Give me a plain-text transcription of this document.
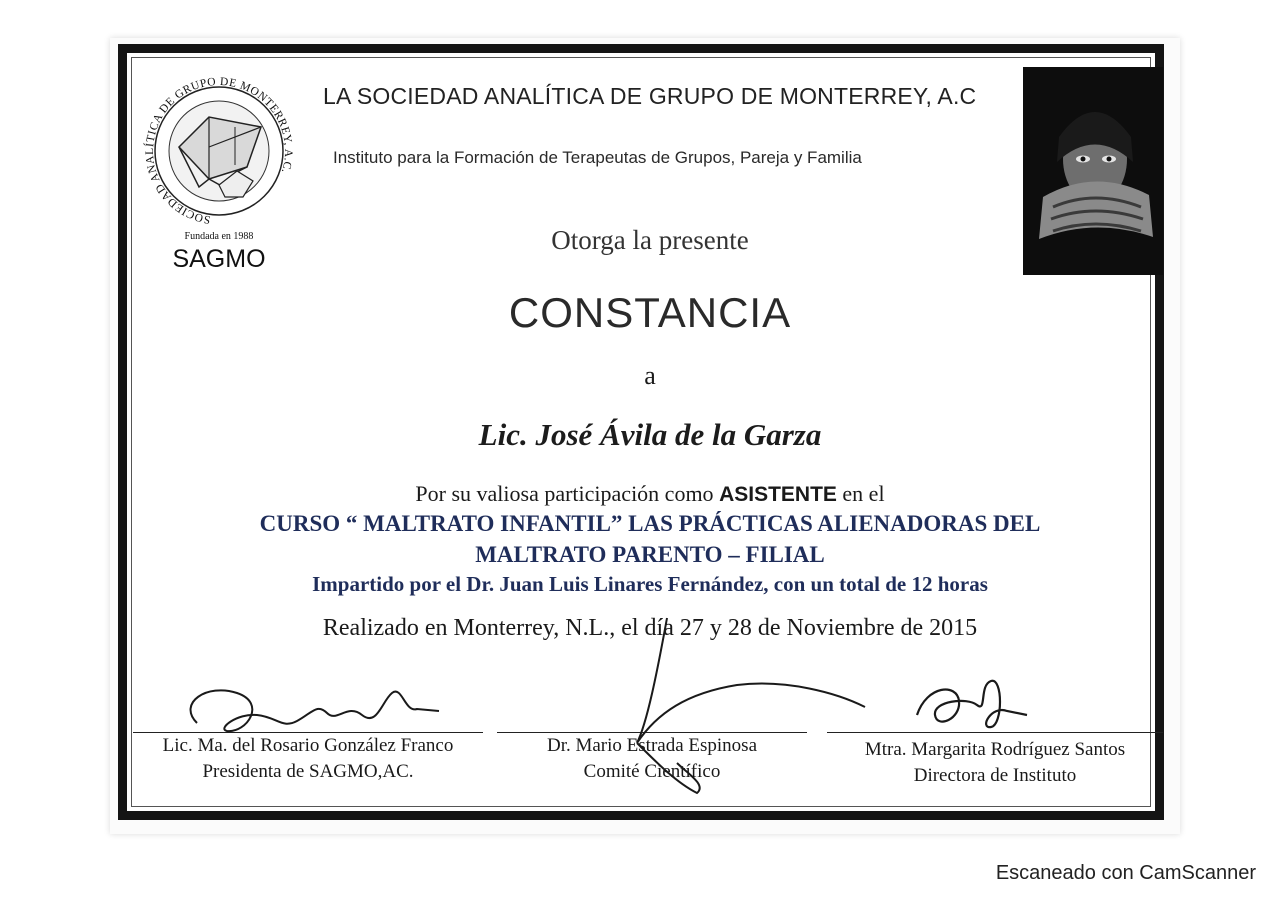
SOCIEDAD ANALÍTICA DE GRUPO DE MONTERREY, A.C.
Fundada en 1988
SAGMO
LA SOCIEDAD ANALÍTICA DE GRUPO DE MONTERREY, A.C
Instituto para la Formación de Terapeutas de Grupos, Pareja y Familia
Otorga la presente
CONSTANCIA
a
Lic. José Ávila de la Garza
Por su valiosa participación como ASISTENTE en el
CURSO “ MALTRATO INFANTIL” LAS PRÁCTICAS ALIENADORAS DEL
MALTRATO PARENTO – FILIAL
Impartido por el Dr. Juan Luis Linares Fernández, con un total de 12 horas
Realizado en Monterrey, N.L., el día 27 y 28 de Noviembre de 2015
Lic. Ma. del Rosario González Franco
Presidenta de SAGMO,AC.
Dr. Mario Estrada Espinosa
Comité Científico
Mtra. Margarita Rodríguez Santos
Directora de Instituto
Escaneado con CamScanner
